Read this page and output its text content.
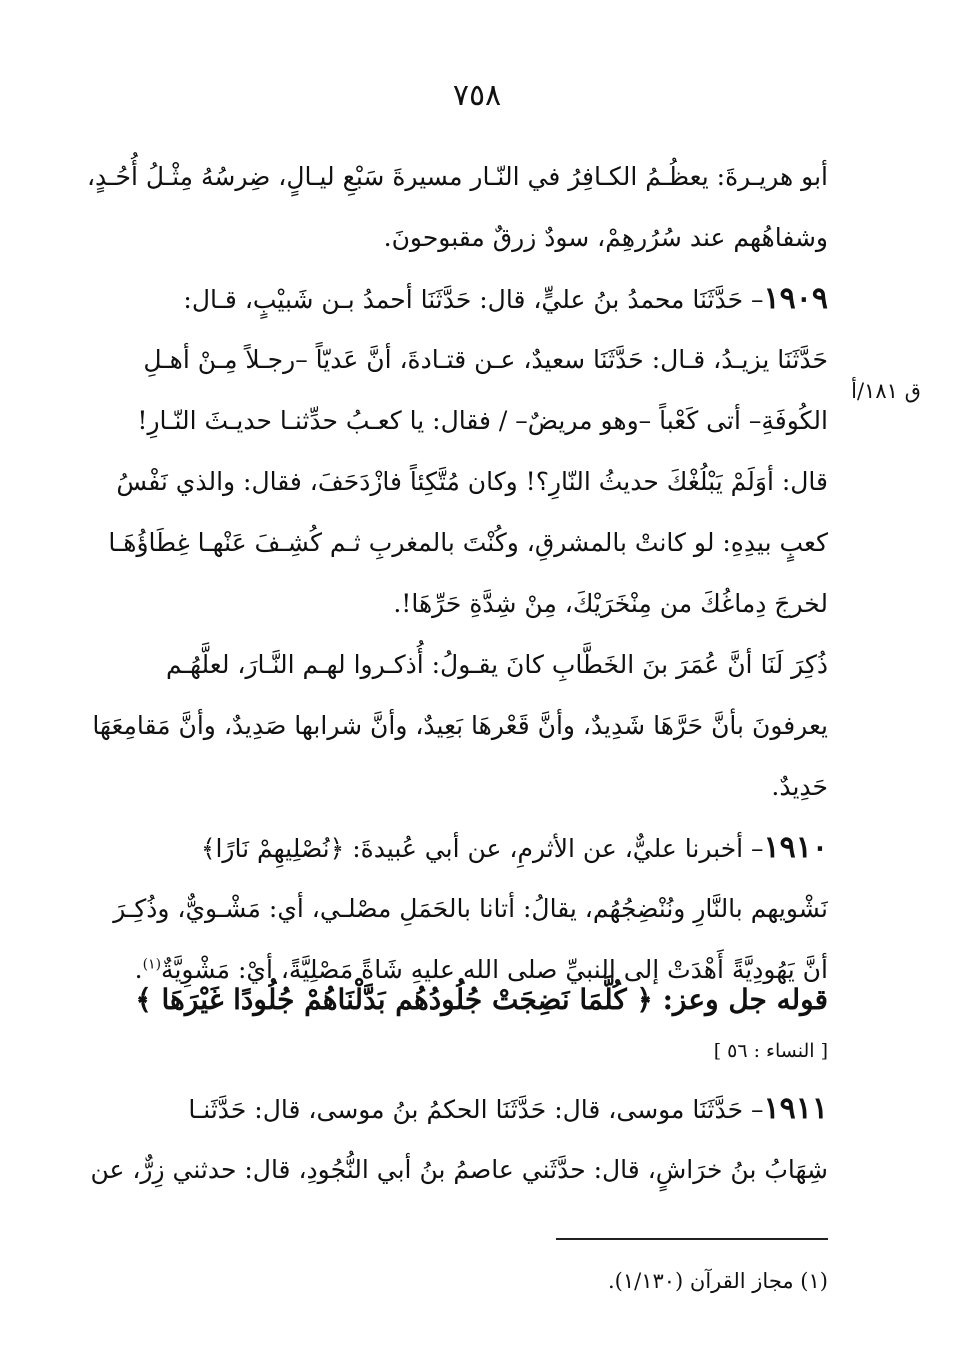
٧٥٨
ق ١٨١/أ
أبو هريـرةَ: يعظُـمُ الكـافِرُ في النّـار مسيرةَ سَبْعِ ليـالٍ، ضِرسُهُ مِثْـلُ أُحُـدٍ،
وشفاهُهم عند سُرُرهِمْ، سودٌ زرقٌ مقبوحونَ.
١٩٠٩– حَدَّثَنَا محمدُ بنُ عليٍّ، قال: حَدَّثَنَا أحمدُ بـن شَبيْبٍ، قـال:
حَدَّثَنَا يزيـدُ، قـال: حَدَّثَنَا سعيدٌ، عـن قتـادةَ، أنَّ عَديّاً –رجـلاً مِـنْ أهـلِ
الكُوفَةِ– أتى كَعْباً –وهو مريضٌ– / فقال: يا كعـبُ حدِّثنـا حديـثَ النّـارِ!
قال: أوَلَمْ يَبْلُغْكَ حديثُ النّارِ؟! وكان مُتَّكِئاً فازْدَحَفَ، فقال: والذي نَفْسُ
كعبٍ بيدِهِ: لو كانتْ بالمشرقِ، وكُنْتَ بالمغربِ ثـم كُشِـفَ عَنْهـا غِطَاؤُهَـا
لخرجَ دِماغُكَ من مِنْخَرَيْكَ، مِنْ شِدَّةِ حَرِّهَا!.
ذُكِرَ لَنَا أنَّ عُمَرَ بنَ الخَطَّابِ كانَ يقـولُ: أُذكـروا لهـم النَّـارَ، لعلَّهُـم
يعرفونَ بأنَّ حَرَّهَا شَدِيدٌ، وأنَّ قَعْرهَا بَعِيدٌ، وأنَّ شرابها صَدِيدٌ، وأنَّ مَقامِعَهَا
حَدِيدٌ.
١٩١٠– أخبرنا عليٌّ، عن الأثرمِ، عن أبي عُبيدةَ: ﴿نُصْلِيهِمْ نَارًا﴾
نَشْويهم بالنَّارِ ونُنْضِجُهُم، يقالُ: أتانا بالحَمَلِ مصْلـي، أي: مَشْـويٌّ، وذُكِـرَ
أنَّ يَهُودِيَّةً أَهْدَتْ إلى النبيِّ صلى الله عليهِ شَاةً مَصْلِيَّةً، أيْ: مَشْوِيَّةٌ$^{(١)}$.
قوله جل وعز: ﴿ كُلَّمَا نَضِجَتْ جُلُودُهُم بَدَّلْنَاهُمْ جُلُودًا غَيْرَهَا ﴾
[ النساء : ٥٦ ]
١٩١١– حَدَّثَنَا موسى، قال: حَدَّثَنَا الحكمُ بنُ موسى، قال: حَدَّثَنـا
شِهَابُ بنُ خرَاشٍ، قال: حدَّثَني عاصمُ بنُ أبي النُّجُودِ، قال: حدثني زِرٌّ، عن
(١) مجاز القرآن (١/١٣٠).
